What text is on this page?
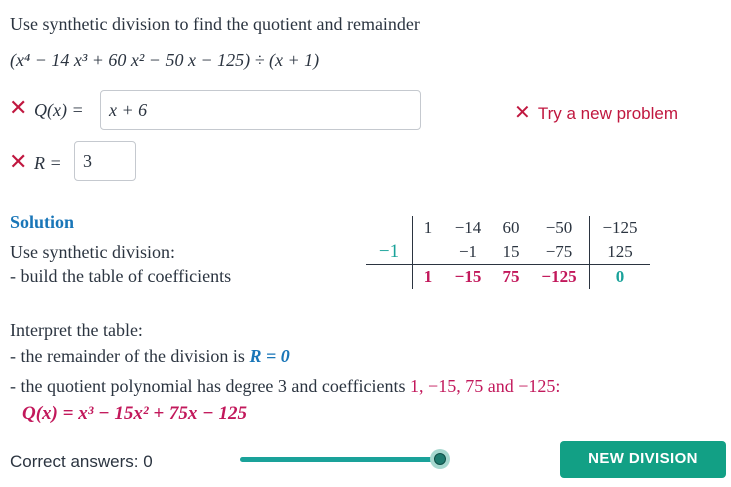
Use synthetic division to find the quotient and remainder
(x⁴ − 14 x³ + 60 x² − 50 x − 125) ÷ (x + 1)
✕ Q(x) =	x + 6	✕ Try a new problem
✕ R =	3
Solution
Use synthetic division:
- build the table of coefficients
	1	−14	60	−50	−125
−1		−1	15	−75	125
	1	−15	75	−125	0
Interpret the table:
- the remainder of the division is R = 0
- the quotient polynomial has degree 3 and coefficients 1, −15, 75 and −125:
Q(x) = x³ − 15x² + 75x − 125
Correct answers: 0	NEW DIVISION
